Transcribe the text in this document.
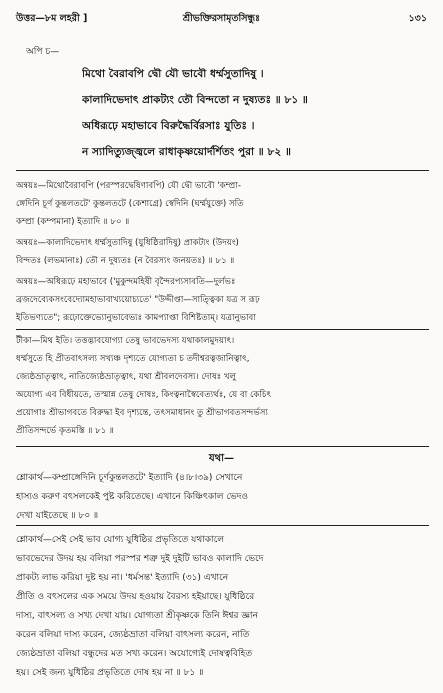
উত্তর—৮ম লহরী ]	শ্রীভক্তিরসামৃতসিন্ধুঃ	১৩১
অপি চ—
মিথো বৈরাবপি দ্বৌ যৌ ভাবৌ ধর্ম্মসুতাদিষু ।
কালাদিভেদাৎ প্রাকট্যং তৌ বিন্দতো ন দুষ্যতঃ ॥ ৮১ ॥
অধিরূঢ়ে মহাভাবে বিরুদ্ধৈর্বিরসাঃ যুতিঃ ।
ন স্যাদিত্যুজ্জ্বলে রাধাকৃষ্ণয়োর্দর্শিতং পুরা ॥ ৮২ ॥
অন্বয়ঃ—মিথোবৈরাবপি (পরস্পরদ্বেষিণাবপি) যৌ দ্বৌ ভাবৌ 'কম্প্রা-
ঙ্গেদিনি চূর্ণ কুন্তলতটে' কুন্তলতটে (কেশাগ্রে) স্বেদিনি (ঘর্ম্মযুক্তে) সতি
কম্প্রা (কম্পমানা) ইত্যাদি ॥ ৮০ ॥
অন্বয়ঃ—কালাদিভেদাৎ ধর্ম্মসুতাদিষু (যুধিষ্ঠিরাদিষু) প্রাকট্যং (উদয়ং)
বিন্দতঃ (লভমানাঃ) তৌ ন দুষ্যতঃ (ন বৈরস্যং জনয়তঃ) ॥ ৮১ ॥
অন্বয়ঃ—অধিরূঢ়ে মহাভাবে ('মুকুন্দমহিষী বৃন্দৈরপ্যসাবতি—দুর্লভঃ
ব্রজদেব্যেকসংবেদ্যোমহাভাবাখ্যয়োচ্যতে' "উদ্দীপ্তা—সাত্ত্বিকা যত্র স রূঢ়
ইতিভণ্যতে"; রূঢ়োক্তেভ্যোনুভাবেভ্যঃ কামপ্যাপ্তা বিশিষ্টতাম্। যত্রানুভাবা
টীকা—মিথ ইতি। তত্তদ্ভাবযোগ্যা তেষু ভাবভেদস্য যথাকালমুদয়াৎ।
ধর্ম্মসুতে হি প্রীতবাৎসল্য সখ্যঞ্চ দৃশ্যতে যোগ্যতা চ তদীশ্বরত্বজানিত্বাৎ,
জ্যেষ্ঠভ্রাতৃত্বাৎ, নাতিজ্যেষ্ঠভ্রাতৃত্বাৎ, যথা শ্রীবলদেবস্য। দোষঃ খলু
অযোগ্য এব বিধীয়তে, তস্মান্ন তেষু দোষঃ, কিংত্বনাস্বৈবেত্যর্থঃ, যে বা কেচিৎ
প্রয়োগাঃ শ্রীভাগবতে বিরুদ্ধা ইব দৃশ্যন্তে, তৎসমাধানং তু শ্রীভাগবতসন্দর্ভস্য
প্রীতিসন্দর্ভে কৃতমস্তি ॥ ৮১ ॥
যথা—
শ্লোকার্থ—কম্প্রাঙ্গেদিনি চূর্ণকুন্তলতটে' ইত্যাদি (৪।৮।৩৯) সেখানে
হাস্যও করুণ বৎসলকেই পুষ্ট করিতেছে। এখানে কিঞ্চিৎকাল ভেদও
দেখা যাইতেছে ॥ ৮০ ॥
শ্লোকার্থ—সেই সেই ভাব যোগ্য যুধিষ্ঠির প্রভৃতিতে যথাকালে
ভাবভেদের উদয় হয় বলিয়া পরস্পর শত্রু দুই দুইটি ভাবও কালাদি ভেদে
প্রাকট্য লাভ করিয়া দুষ্ট হয় না। 'ধর্মসন্ত' ইত্যাদি (৩১) এখানে
প্রীতি ও বৎসলের এক সময়ে উদয় হওয়ায় বৈরস্য হইয়াছে। যুধিষ্ঠিরে
দাস্য, বাৎসল্য ও সখ্য দেখা যায়। যোগ্যতা শ্রীকৃষ্ণকে তিনি ঈশ্বর জ্ঞান
করেন বলিয়া দাস্য করেন, জ্যেষ্ঠভ্রাতা বলিয়া বাৎসল্য করেন, নাতি
জ্যেষ্ঠভ্রাতা বলিয়া বন্ধুদের মত সখ্য করেন। অযোগ্যেই দোষত্ববিহিত
হয়। সেই জন্য যুধিষ্ঠির প্রভৃতিতে দোষ হয় না ॥ ৮১ ॥
